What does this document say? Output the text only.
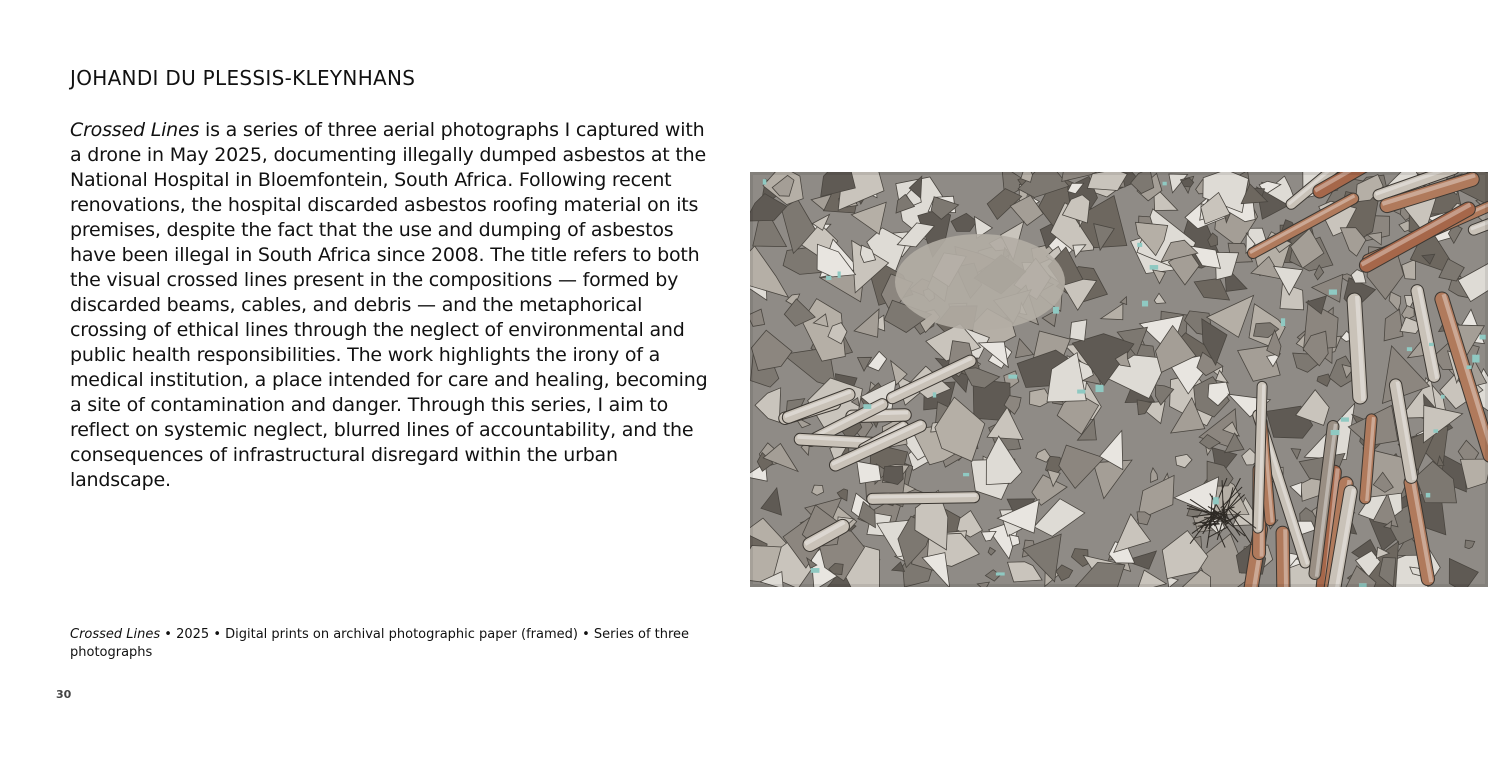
JOHANDI DU PLESSIS-KLEYNHANS

Crossed Lines is a series of three aerial photographs I captured with a drone in May 2025, documenting illegally dumped asbestos at the National Hospital in Bloemfontein, South Africa. Following recent renovations, the hospital discarded asbestos roofing material on its premises, despite the fact that the use and dumping of asbestos have been illegal in South Africa since 2008. The title refers to both the visual crossed lines present in the compositions — formed by discarded beams, cables, and debris — and the metaphorical crossing of ethical lines through the neglect of environmental and public health responsibilities. The work highlights the irony of a medical institution, a place intended for care and healing, becoming a site of contamination and danger. Through this series, I aim to reflect on systemic neglect, blurred lines of accountability, and the consequences of infrastructural disregard within the urban landscape.

Crossed Lines • 2025 • Digital prints on archival photographic paper (framed) • Series of three photographs

30
